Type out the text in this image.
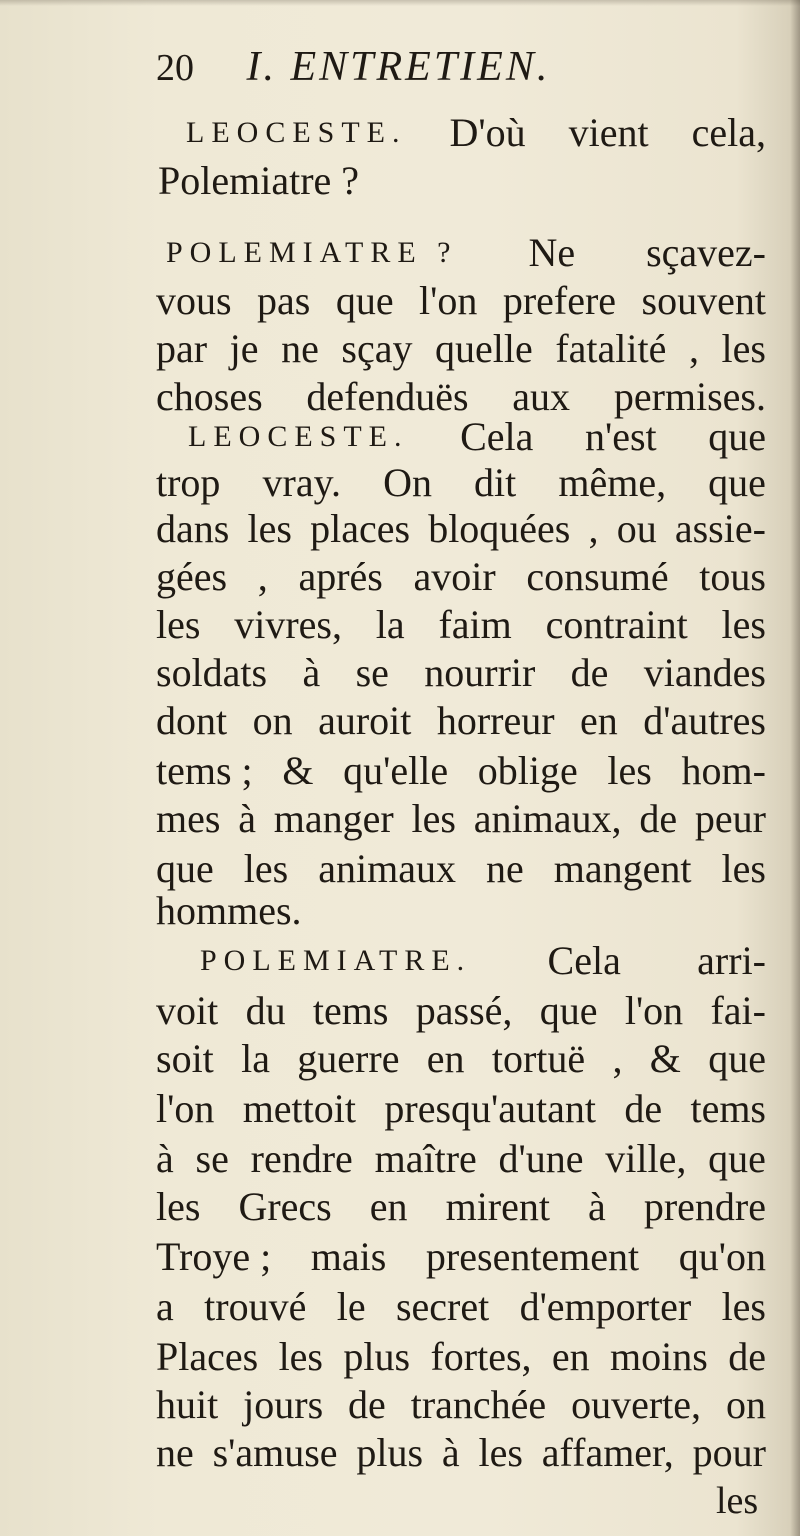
20 I. ENTRETIEN.
LEOCESTE. D'où vient cela,
Polemiatre ?
POLEMIATRE ? Ne sçavez-
vous pas que l'on prefere souvent
par je ne sçay quelle fatalité , les
choses defenduës aux permises.
LEOCESTE. Cela n'est que
trop vray. On dit même, que
dans les places bloquées , ou assie-
gées , aprés avoir consumé tous
les vivres, la faim contraint les
soldats à se nourrir de viandes
dont on auroit horreur en d'autres
tems ; & qu'elle oblige les hom-
mes à manger les animaux, de peur
que les animaux ne mangent les
hommes.
POLEMIATRE. Cela arri-
voit du tems passé, que l'on fai-
soit la guerre en tortuë , & que
l'on mettoit presqu'autant de tems
à se rendre maître d'une ville, que
les Grecs en mirent à prendre
Troye ; mais presentement qu'on
a trouvé le secret d'emporter les
Places les plus fortes, en moins de
huit jours de tranchée ouverte, on
ne s'amuse plus à les affamer, pour
les
